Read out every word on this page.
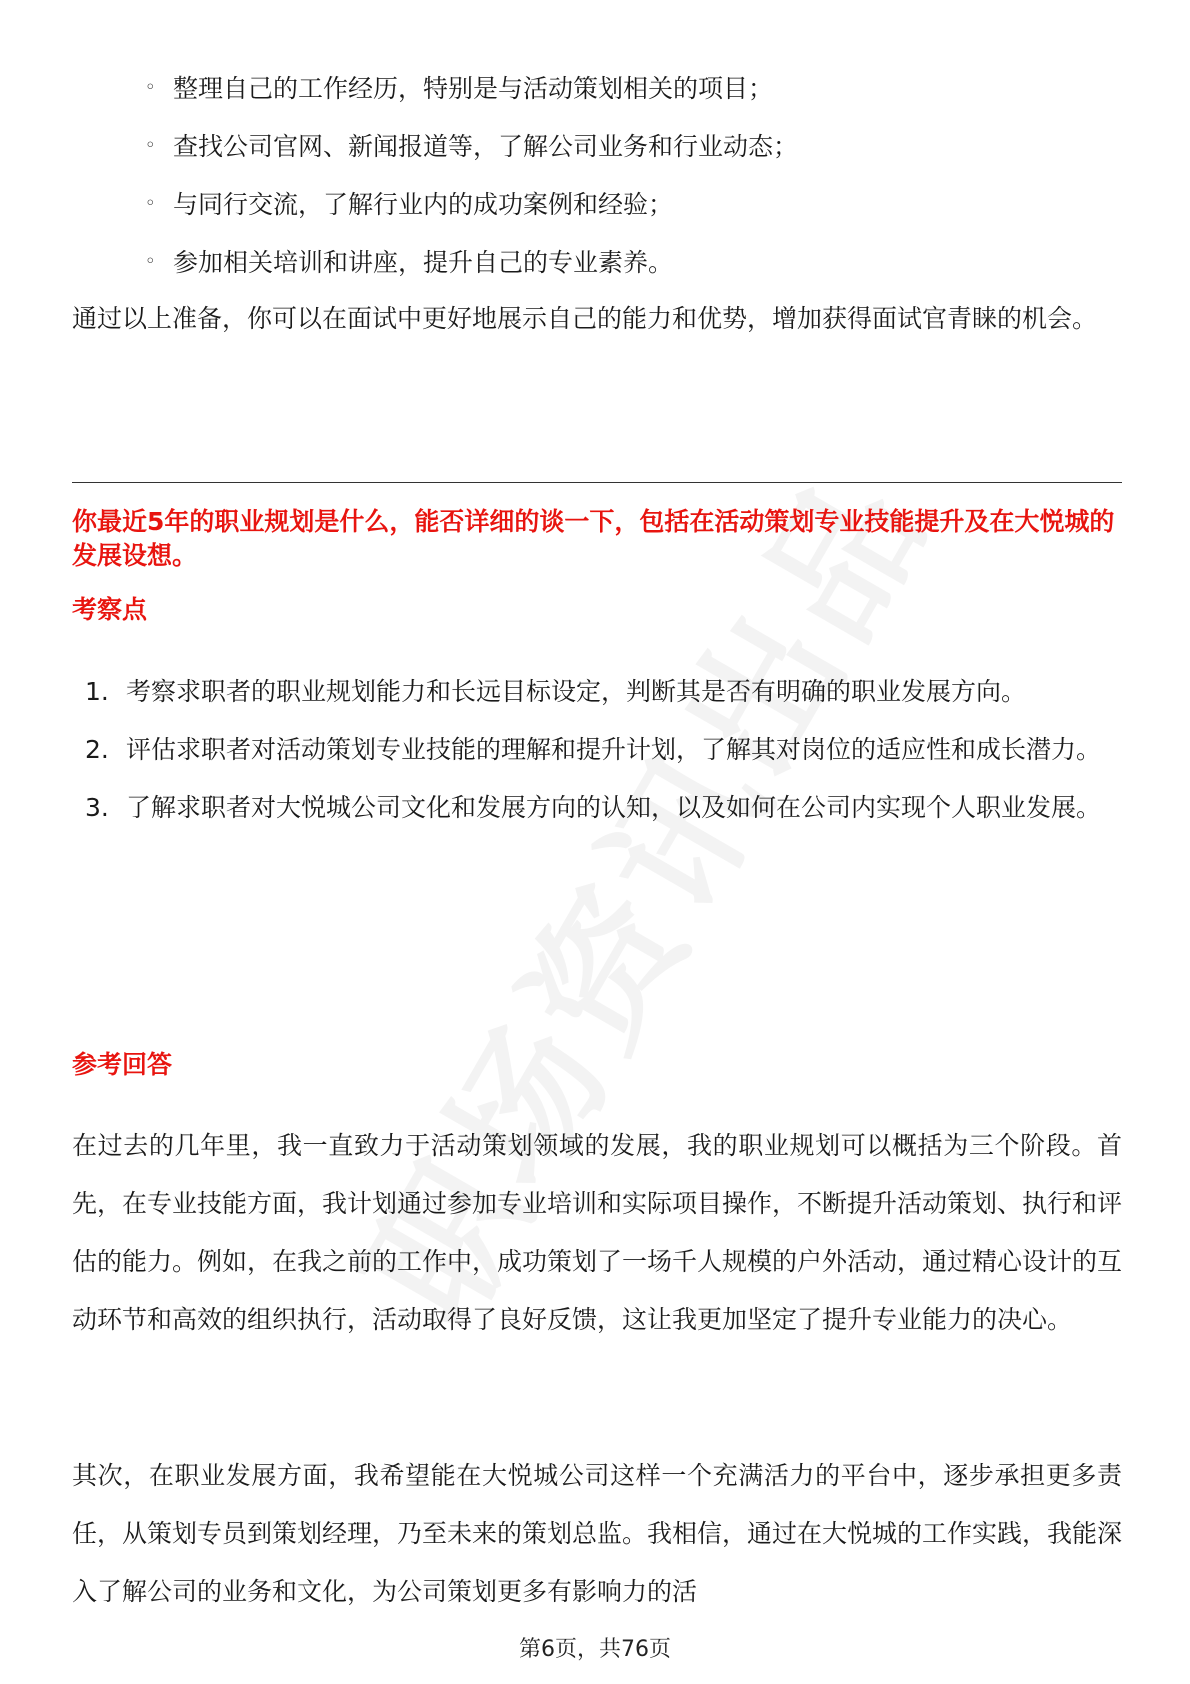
◦ 整理自己的工作经历，特别是与活动策划相关的项目；
◦ 查找公司官网、新闻报道等，了解公司业务和行业动态；
◦ 与同行交流，了解行业内的成功案例和经验；
◦ 参加相关培训和讲座，提升自己的专业素养。

通过以上准备，你可以在面试中更好地展示自己的能力和优势，增加获得面试官青睐的机会。

你最近5年的职业规划是什么，能否详细的谈一下，包括在活动策划专业技能提升及在大悦城的发展设想。

考察点

1. 考察求职者的职业规划能力和长远目标设定，判断其是否有明确的职业发展方向。
2. 评估求职者对活动策划专业技能的理解和提升计划，了解其对岗位的适应性和成长潜力。
3. 了解求职者对大悦城公司文化和发展方向的认知，以及如何在公司内实现个人职业发展。

参考回答

在过去的几年里，我一直致力于活动策划领域的发展，我的职业规划可以概括为三个阶段。首先，在专业技能方面，我计划通过参加专业培训和实际项目操作，不断提升活动策划、执行和评估的能力。例如，在我之前的工作中，成功策划了一场千人规模的户外活动，通过精心设计的互动环节和高效的组织执行，活动取得了良好反馈，这让我更加坚定了提升专业能力的决心。

其次，在职业发展方面，我希望能在大悦城公司这样一个充满活力的平台中，逐步承担更多责任，从策划专员到策划经理，乃至未来的策划总监。我相信，通过在大悦城的工作实践，我能深入了解公司的业务和文化，为公司策划更多有影响力的活

第6页，共76页
